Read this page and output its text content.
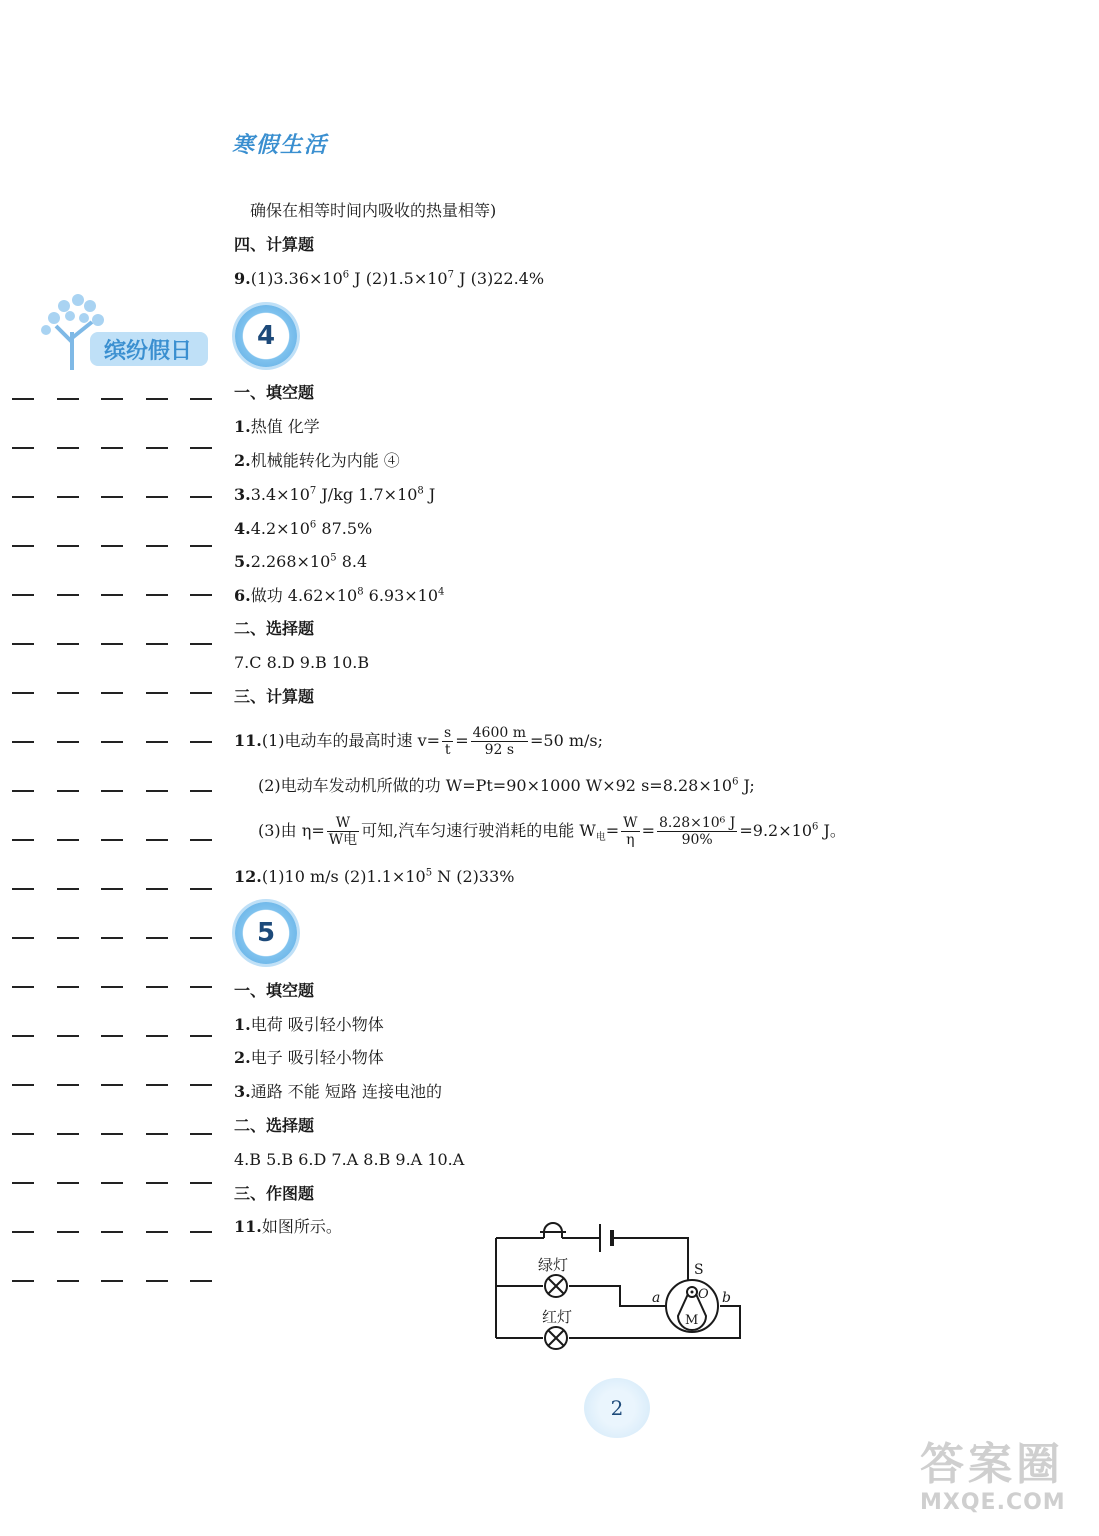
寒假生活
缤纷假日
确保在相等时间内吸收的热量相等)
四、计算题
$9.(1)3.36\times 10^6$ J $(2)1.5\times 10^7$ J (3)22.4%
4
一、填空题
1.热值 化学
2.机械能转化为内能 ④
$3.3.4\times 10^7$ J/kg $1.7\times 10^8$ J
$4.4.2\times 10^6$ 87.5%
$5.2.268\times 10^5$ 8.4
6.做功 $4.62\times 10^8$ $6.93\times 10^4$
二、选择题
7.C 8.D 9.B 10.B
三、计算题
11.(1)电动车的最高时速 $v= \frac{s}{t} = \frac{4600 m}{92 s} =50$ m/s;
(2)电动车发动机所做的功 W=Pt=90×1000 W×92 $s=8.28\times 10^6$ J;
(3)由 $\eta= \frac{W}{\text{W电}}$ 可知,汽车匀速行驶消耗的电能 $W_电= \frac{W}{\eta} = \frac{\text{8.28×10⁶ J}}{90\%} =9.2\times 10^6$ J。
12.(1)10 m/s $(2)1.1\times 10^5$ N (2)33%
5
一、填空题
1.电荷 吸引轻小物体
2.电子 吸引轻小物体
3.通路 不能 短路 连接电池的
二、选择题
4.B 5.B 6.D 7.A 8.B 9.A 10.A
三、作图题
11.如图所示。
绿灯
红灯
S
a	b
O
M
2
答案圈
MXQE.COM
